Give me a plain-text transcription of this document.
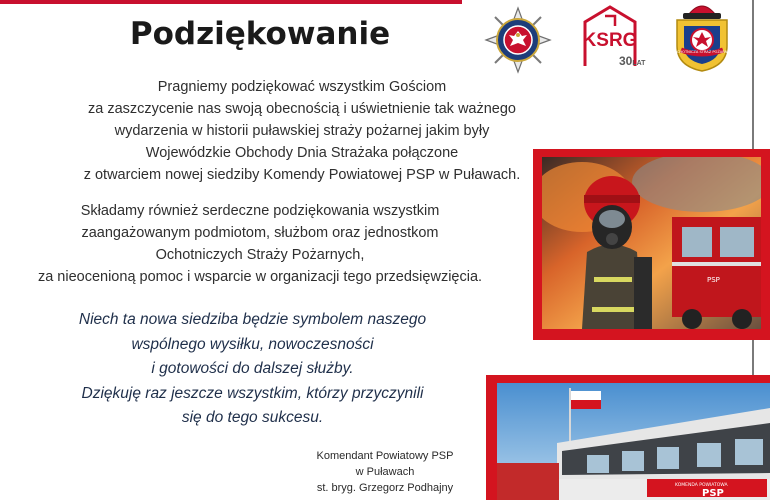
Podziękowanie
Pragniemy podziękować wszystkim Gościom
za zaszczycenie nas swoją obecnością i uświetnienie tak ważnego
wydarzenia w historii puławskiej straży pożarnej jakim były
Wojewódzkie Obchody Dnia Strażaka połączone
z otwarciem nowej siedziby Komendy Powiatowej PSP w Puławach.
Składamy również serdeczne podziękowania wszystkim
zaangażowanym podmiotom, służbom oraz jednostkom
Ochotniczych Straży Pożarnych,
za nieocenioną pomoc i wsparcie w organizacji tego przedsięwzięcia.
Niech ta nowa siedziba będzie symbolem naszego
wspólnego wysiłku, nowoczesności
i gotowości do dalszej służby.
Dziękuję raz jeszcze wszystkim, którzy przyczynili
się do tego sukcesu.
Komendant Powiatowy PSP
w Puławach
st. bryg. Grzegorz Podhajny
KSRG
30LAT
OCHOTNICZA STRAŻ POŻARNA
PSP
KOMENDA POWIATOWA
PSP
